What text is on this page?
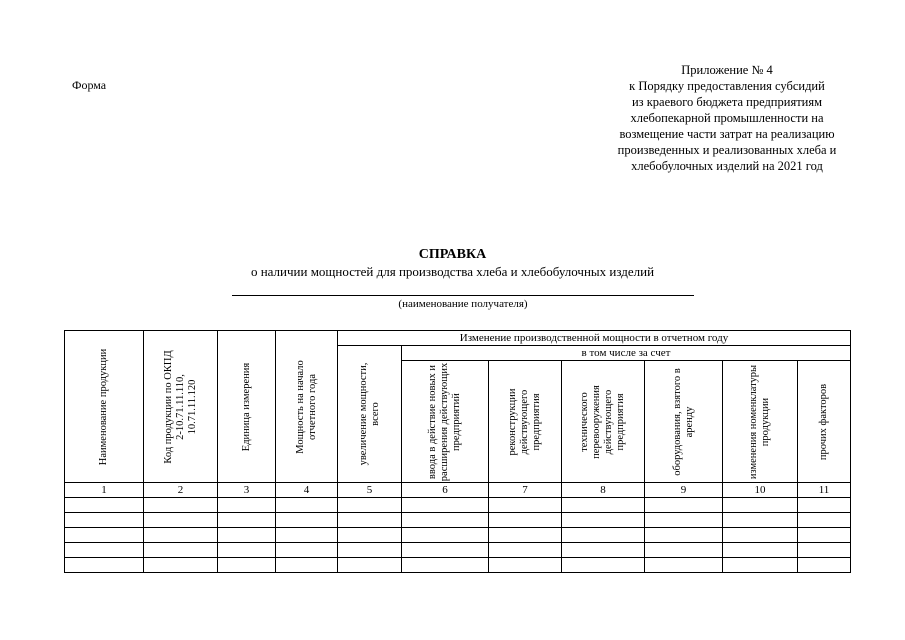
Форма
Приложение № 4
к Порядку предоставления субсидий
из краевого бюджета предприятиям
хлебопекарной промышленности на
возмещение части затрат на реализацию
произведенных и реализованных хлеба и
хлебобулочных изделий на 2021 год
СПРАВКА
о наличии мощностей для производства хлеба и хлебобулочных изделий
(наименование получателя)
Наименование продукции	Код продукции по ОКПД 2-10.71.11.110, 10.71.11.120	Единица измерения	Мощность на начало отчетного года	Изменение производственной мощности в отчетном году						

				увеличение мощности, всего	в том числе за счет					

					ввода в действие новых и расширения действующих предприятий	реконструкции действующего предприятия	технического перевооружения действующего предприятия	оборудования, взятого в аренду	изменения номенклатуры продукции	прочих факторов

1	2	3	4	5	6	7	8	9	10	11
